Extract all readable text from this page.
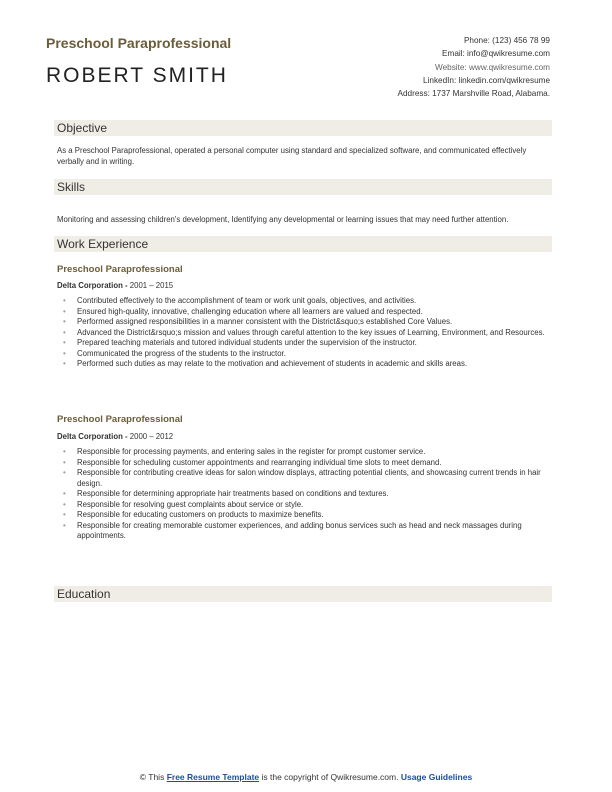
Preschool Paraprofessional
ROBERT SMITH
Phone: (123) 456 78 99
Email: info@qwikresume.com
Website: www.qwikresume.com
LinkedIn: linkedin.com/qwikresume
Address: 1737 Marshville Road, Alabama.
Objective
As a Preschool Paraprofessional, operated a personal computer using standard and specialized software, and communicated effectively verbally and in writing.
Skills
Monitoring and assessing children's development, Identifying any developmental or learning issues that may need further attention.
Work Experience
Preschool Paraprofessional
Delta Corporation - 2001 – 2015
• Contributed effectively to the accomplishment of team or work unit goals, objectives, and activities.
• Ensured high-quality, innovative, challenging education where all learners are valued and respected.
• Performed assigned responsibilities in a manner consistent with the District&squo;s established Core Values.
• Advanced the District&rsquo;s mission and values through careful attention to the key issues of Learning, Environment, and Resources.
• Prepared teaching materials and tutored individual students under the supervision of the instructor.
• Communicated the progress of the students to the instructor.
• Performed such duties as may relate to the motivation and achievement of students in academic and skills areas.
Preschool Paraprofessional
Delta Corporation - 2000 – 2012
• Responsible for processing payments, and entering sales in the register for prompt customer service.
• Responsible for scheduling customer appointments and rearranging individual time slots to meet demand.
• Responsible for contributing creative ideas for salon window displays, attracting potential clients, and showcasing current trends in hair design.
• Responsible for determining appropriate hair treatments based on conditions and textures.
• Responsible for resolving guest complaints about service or style.
• Responsible for educating customers on products to maximize benefits.
• Responsible for creating memorable customer experiences, and adding bonus services such as head and neck massages during appointments.
Education
© This Free Resume Template is the copyright of Qwikresume.com. Usage Guidelines
